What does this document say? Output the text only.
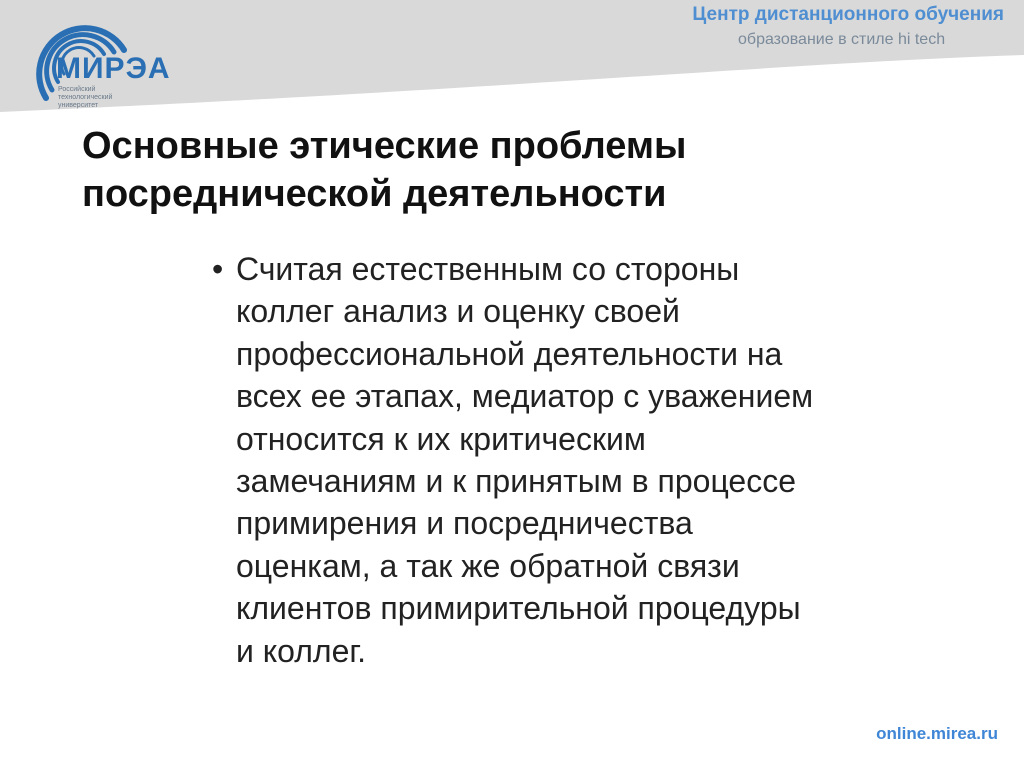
МИРЭА
Российский технологический университет
Центр дистанционного обучения
образование в стиле hi tech
Основные этические проблемы
посреднической деятельности
• Считая естественным со стороны
коллег анализ и оценку своей
профессиональной деятельности на
всех ее этапах, медиатор с уважением
относится к их критическим
замечаниям и к принятым в процессе
примирения и посредничества
оценкам, а так же обратной связи
клиентов примирительной процедуры
и коллег.
online.mirea.ru
